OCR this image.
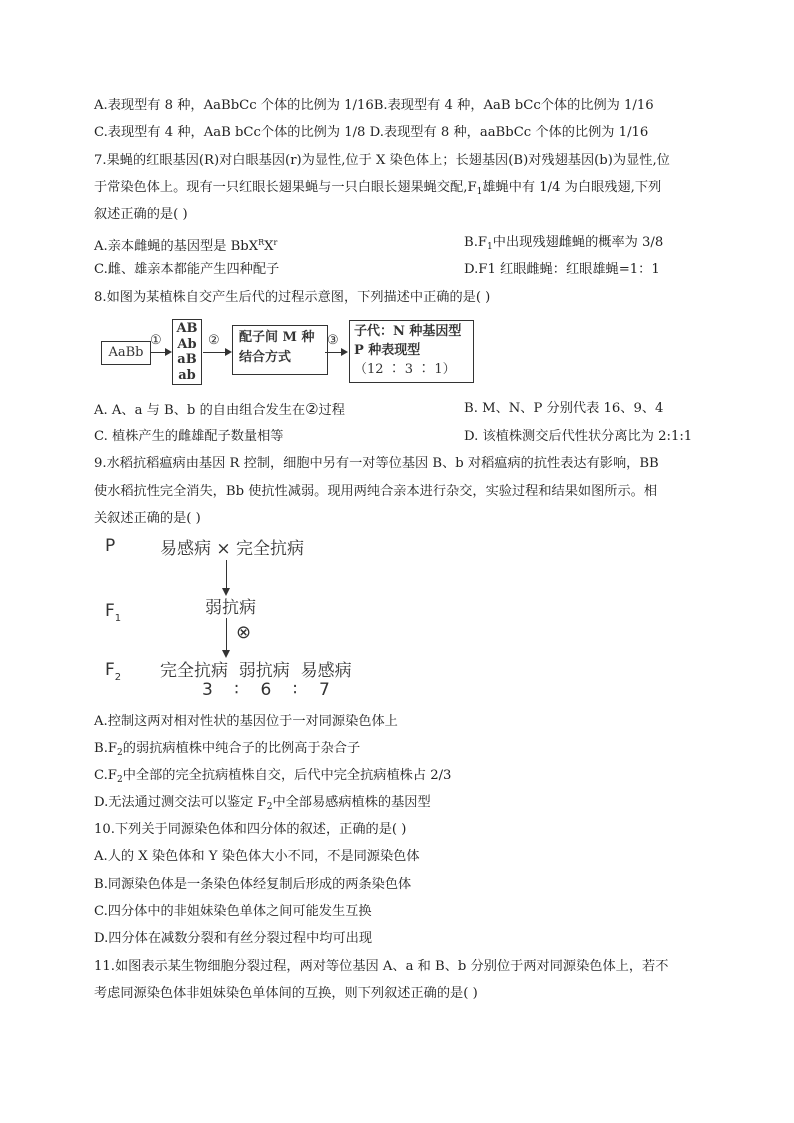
A.表现型有 8 种，AaBbCc 个体的比例为 1/16B.表现型有 4 种，AaB bCc个体的比例为 1/16
C.表现型有 4 种，AaB bCc个体的比例为 1/8 D.表现型有 8 种，aaBbCc 个体的比例为 1/16
7.果蝇的红眼基因(R)对白眼基因(r)为显性,位于 X 染色体上；长翅基因(B)对残翅基因(b)为显性,位
于常染色体上。现有一只红眼长翅果蝇与一只白眼长翅果蝇交配$,F_1$雄蝇中有 1/4 为白眼残翅,下列
叙述正确的是( )
A.亲本雌蝇的基因型是 $BbX^RX^r$	$B.F_1$中出现残翅雌蝇的概率为 3/8
C.雌、雄亲本都能产生四种配子	D.F1 红眼雌蝇：红眼雄蝇=1：1
8.如图为某植株自交产生后代的过程示意图，下列描述中正确的是( )
AaBb
①
AB
Ab
aB
ab
② 配子间 M 种
结合方式
③
子代：N 种基因型
P 种表现型
（12 ∶ 3 ∶ 1）
A. A、a 与 B、b 的自由组合发生在②过程	B. M、N、P 分别代表 16、9、4
C. 植株产生的雌雄配子数量相等	D. 该植株测交后代性状分离比为 2:1:1
9.水稻抗稻瘟病由基因 R 控制，细胞中另有一对等位基因 B、b 对稻瘟病的抗性表达有影响，BB
使水稻抗性完全消失，Bb 使抗性减弱。现用两纯合亲本进行杂交，实验过程和结果如图所示。相
关叙述正确的是( )
P	易感病 × 完全抗病
$F_1$
弱抗病
⊗
$F_2$ 完全抗病  弱抗病  易感病
3    ∶    6    ∶    7
A.控制这两对相对性状的基因位于一对同源染色体上
$B.F_2$的弱抗病植株中纯合子的比例高于杂合子
$C.F_2$中全部的完全抗病植株自交，后代中完全抗病植株占 2/3
D.无法通过测交法可以鉴定 $F_2$中全部易感病植株的基因型
10.下列关于同源染色体和四分体的叙述，正确的是( )
A.人的 X 染色体和 Y 染色体大小不同，不是同源染色体
B.同源染色体是一条染色体经复制后形成的两条染色体
C.四分体中的非姐妹染色单体之间可能发生互换
D.四分体在减数分裂和有丝分裂过程中均可出现
11.如图表示某生物细胞分裂过程，两对等位基因 A、a 和 B、b 分别位于两对同源染色体上，若不
考虑同源染色体非姐妹染色单体间的互换，则下列叙述正确的是( )
